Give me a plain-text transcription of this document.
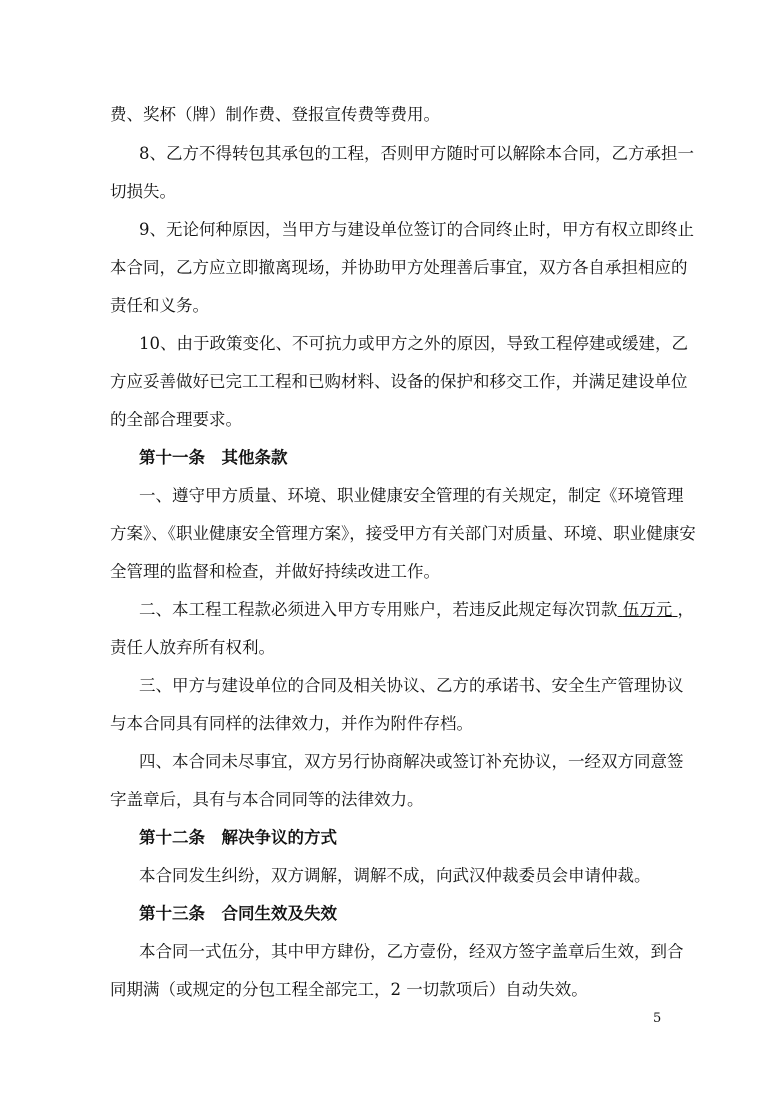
费、奖杯（牌）制作费、登报宣传费等费用。
8、乙方不得转包其承包的工程，否则甲方随时可以解除本合同，乙方承担一
切损失。
9、无论何种原因，当甲方与建设单位签订的合同终止时，甲方有权立即终止
本合同，乙方应立即撤离现场，并协助甲方处理善后事宜，双方各自承担相应的
责任和义务。
10、由于政策变化、不可抗力或甲方之外的原因，导致工程停建或缓建，乙
方应妥善做好已完工工程和已购材料、设备的保护和移交工作，并满足建设单位
的全部合理要求。
第十一条　其他条款
一、遵守甲方质量、环境、职业健康安全管理的有关规定，制定《环境管理
方案》、《职业健康安全管理方案》，接受甲方有关部门对质量、环境、职业健康安
全管理的监督和检查，并做好持续改进工作。
二、本工程工程款必须进入甲方专用账户，若违反此规定每次罚款 伍万元 ，
责任人放弃所有权利。
三、甲方与建设单位的合同及相关协议、乙方的承诺书、安全生产管理协议
与本合同具有同样的法律效力，并作为附件存档。
四、本合同未尽事宜，双方另行协商解决或签订补充协议，一经双方同意签
字盖章后，具有与本合同同等的法律效力。
第十二条　解决争议的方式
本合同发生纠纷，双方调解，调解不成，向武汉仲裁委员会申请仲裁。
第十三条　合同生效及失效
本合同一式伍分，其中甲方肆份，乙方壹份，经双方签字盖章后生效，到合
同期满（或规定的分包工程全部完工，2 一切款项后）自动失效。
5
